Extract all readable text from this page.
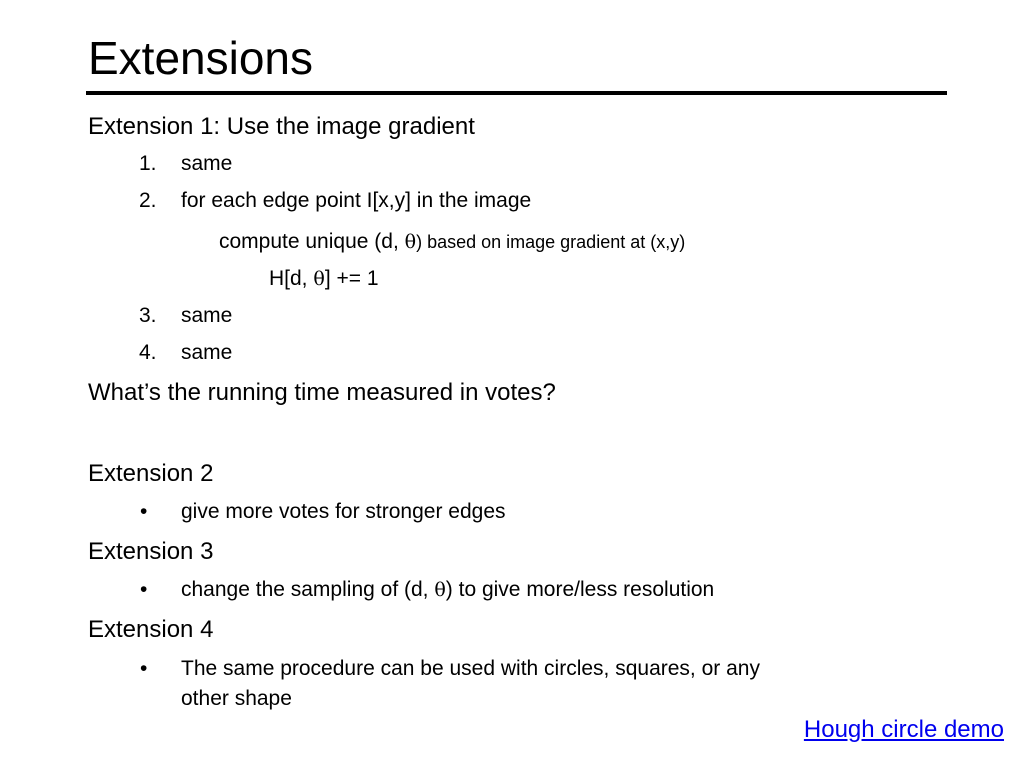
Extensions
Extension 1: Use the image gradient
1. same
2. for each edge point I[x,y] in the image
compute unique (d, θ) based on image gradient at (x,y)
H[d, θ] += 1
3. same
4. same
What’s the running time measured in votes?
Extension 2
• give more votes for stronger edges
Extension 3
• change the sampling of (d, θ) to give more/less resolution
Extension 4
• The same procedure can be used with circles, squares, or any
other shape
Hough circle demo
